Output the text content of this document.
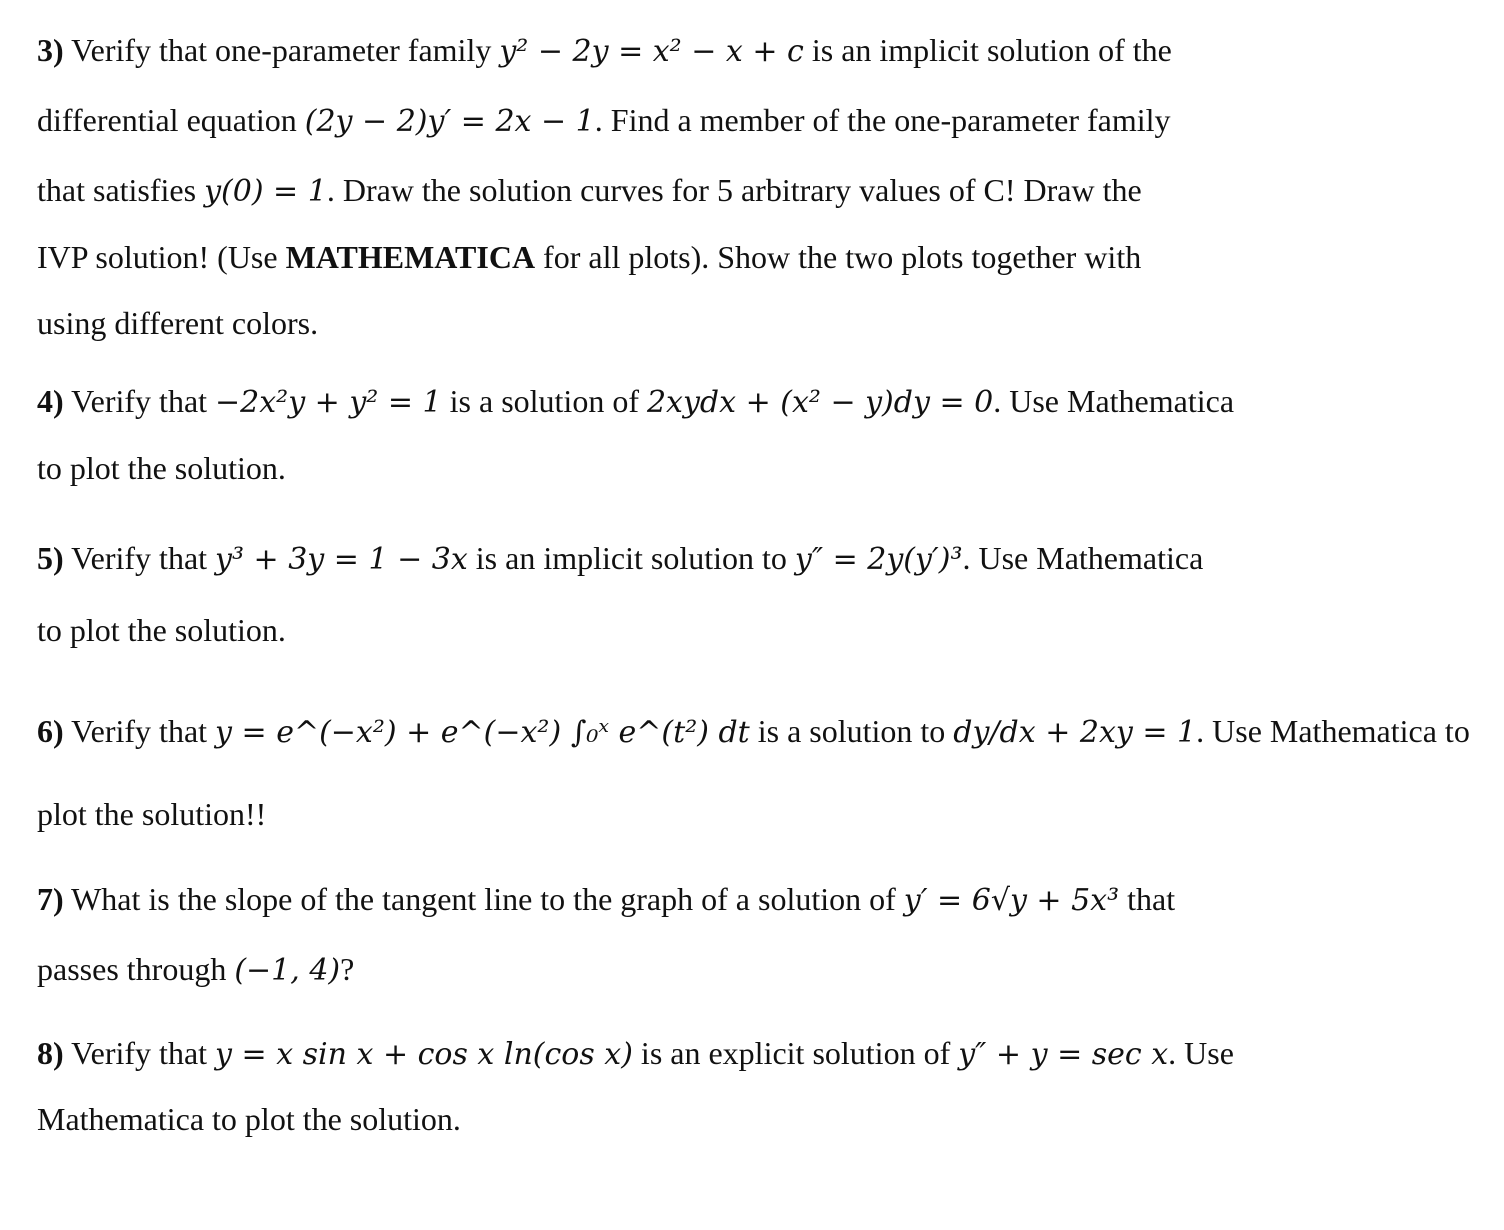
3) Verify that one-parameter family y² − 2y = x² − x + c is an implicit solution of the
differential equation (2y − 2)y′ = 2x − 1. Find a member of the one-parameter family
that satisfies y(0) = 1. Draw the solution curves for 5 arbitrary values of C! Draw the
IVP solution! (Use MATHEMATICA for all plots). Show the two plots together with
using different colors.
4) Verify that −2x²y + y² = 1 is a solution of 2xydx + (x² − y)dy = 0. Use Mathematica
to plot the solution.
5) Verify that y³ + 3y = 1 − 3x is an implicit solution to y″ = 2y(y′)³. Use Mathematica
to plot the solution.
6) Verify that y = e^(−x²) + e^(−x²) ∫₀ˣ e^(t²) dt is a solution to dy/dx + 2xy = 1. Use Mathematica to
plot the solution!!
7) What is the slope of the tangent line to the graph of a solution of y′ = 6√y + 5x³ that
passes through (−1, 4)?
8) Verify that y = x sin x + cos x ln(cos x) is an explicit solution of y″ + y = sec x. Use
Mathematica to plot the solution.
